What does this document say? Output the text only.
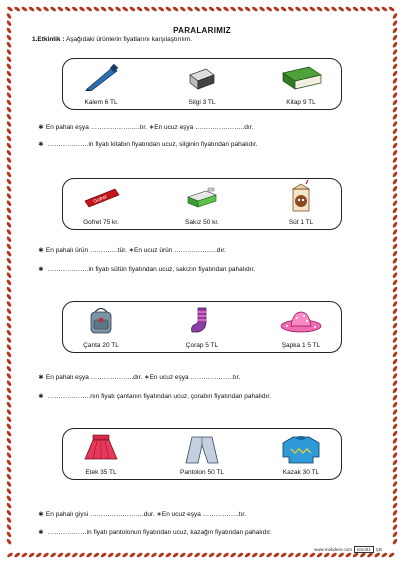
PARALARIMIZ
1.Etkinlik : Aşağıdaki ürünlerin fiyatlarını karşılaştırılım.
Kalem 6 TL	Silgi 3 TL	Kitap 9 TL
∗ En pahalı eşya …………………..tır. ∗En ucuz eşya …………………..dır.
∗ ……………….in fiyatı kitabın fiyatından ucuz, silginin fiyatından pahalıdır.
Gofret
Gofret 75 kr.	Sakız 50 kr.	Süt 1 TL
∗ En pahalı ürün ………….tür. ∗En ucuz ürün ………………..dır.
∗ ……………….in fiyatı sütün fiyatından ucuz, sakızın fiyatından pahalıdır.
Çanta 20 TL	Çorap 5 TL	Şapka 1 5 TL
∗ En pahalı eşya ………………..dır. ∗En ucuz eşya ………………..tır.
∗ ………………..nın fiyatı çantanın fiyatından ucuz, çorabın fiyatından pahalıdır.
Etek 35 TL	Pantolon 50 TL	Kazak 30 TL
∗ En pahalı giysi …………………….dur. ∗En ucuz eşya ……………..tır.
∗ ………………in fiyatı pantolonun fiyatından ucuz, kazağın fiyatından pahalıdır.
www.mebders.com	emo01	ÇB
